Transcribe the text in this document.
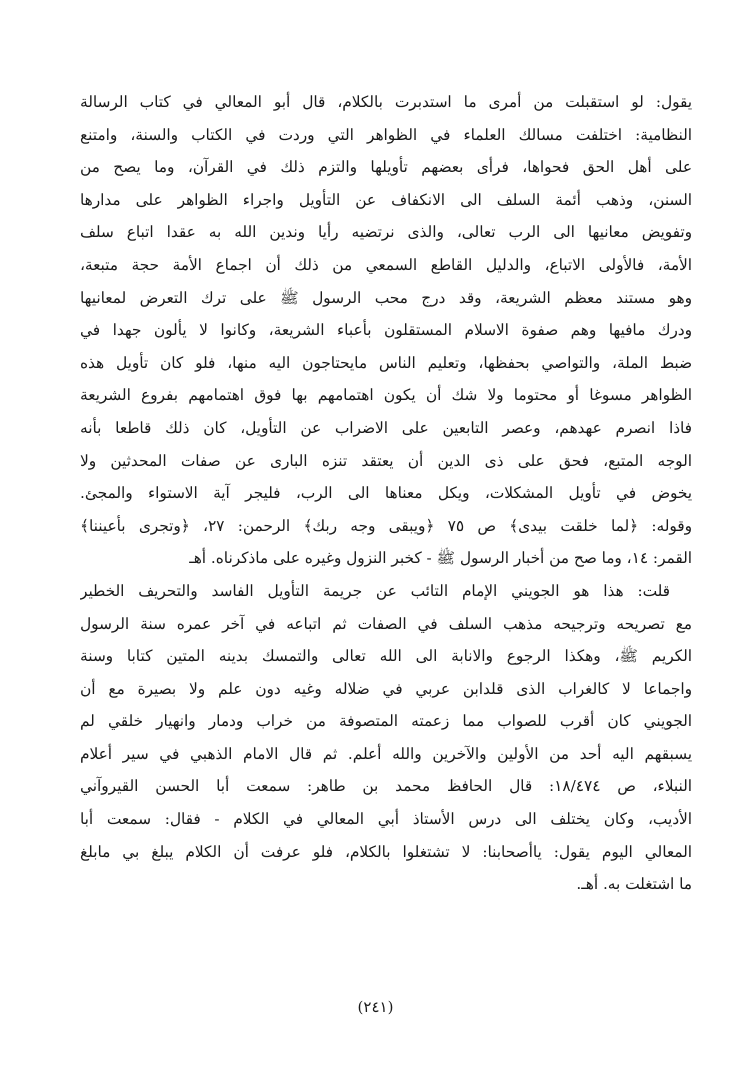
يقول: لو استقبلت من أمرى ما استدبرت بالكلام، قال أبو المعالي في كتاب الرسالة
النظامية: اختلفت مسالك العلماء في الظواهر التي وردت في الكتاب والسنة، وامتنع
على أهل الحق فحواها، فرأى بعضهم تأويلها والتزم ذلك في القرآن، وما يصح من
السنن، وذهب أئمة السلف الى الانكفاف عن التأويل واجراء الظواهر على مدارها
وتفويض معانيها الى الرب تعالى، والذى نرتضيه رأيا وندين الله به عقدا اتباع سلف
الأمة، فالأولى الاتباع، والدليل القاطع السمعي من ذلك أن اجماع الأمة حجة متبعة،
وهو مستند معظم الشريعة، وقد درج محب الرسول ﷺ على ترك التعرض لمعانيها
ودرك مافيها وهم صفوة الاسلام المستقلون بأعباء الشريعة، وكانوا لا يألون جهدا في
ضبط الملة، والتواصي بحفظها، وتعليم الناس مايحتاجون اليه منها، فلو كان تأويل هذه
الظواهر مسوغا أو محتوما ولا شك أن يكون اهتمامهم بها فوق اهتمامهم بفروع الشريعة
فاذا انصرم عهدهم، وعصر التابعين على الاضراب عن التأويل، كان ذلك قاطعا بأنه
الوجه المتبع، فحق على ذى الدين أن يعتقد تنزه البارى عن صفات المحدثين ولا
يخوض في تأويل المشكلات، ويكل معناها الى الرب، فليجر آية الاستواء والمجئ.
وقوله: ﴿لما خلقت بيدى﴾ ص ٧٥ ﴿ويبقى وجه ربك﴾ الرحمن: ٢٧، ﴿وتجرى بأعيننا﴾
القمر: ١٤، وما صح من أخبار الرسول ﷺ - كخبر النزول وغيره على ماذكرناه. أهـ
قلت: هذا هو الجويني الإمام التائب عن جريمة التأويل الفاسد والتحريف الخطير
مع تصريحه وترجيحه مذهب السلف في الصفات ثم اتباعه في آخر عمره سنة الرسول
الكريم ﷺ، وهكذا الرجوع والانابة الى الله تعالى والتمسك بدينه المتين كتابا وسنة
واجماعا لا كالغراب الذى قلدابن عربي في ضلاله وغيه دون علم ولا بصيرة مع أن
الجويني كان أقرب للصواب مما زعمته المتصوفة من خراب ودمار وانهيار خلقي لم
يسبقهم اليه أحد من الأولين والآخرين والله أعلم. ثم قال الامام الذهبي في سير أعلام
النبلاء، ص ١٨/٤٧٤: قال الحافظ محمد بن طاهر: سمعت أبا الحسن القيروآني
الأديب، وكان يختلف الى درس الأستاذ أبي المعالي في الكلام - فقال: سمعت أبا
المعالي اليوم يقول: ياأصحابنا: لا تشتغلوا بالكلام، فلو عرفت أن الكلام يبلغ بي مابلغ
ما اشتغلت به. أهـ.
(٢٤١)
